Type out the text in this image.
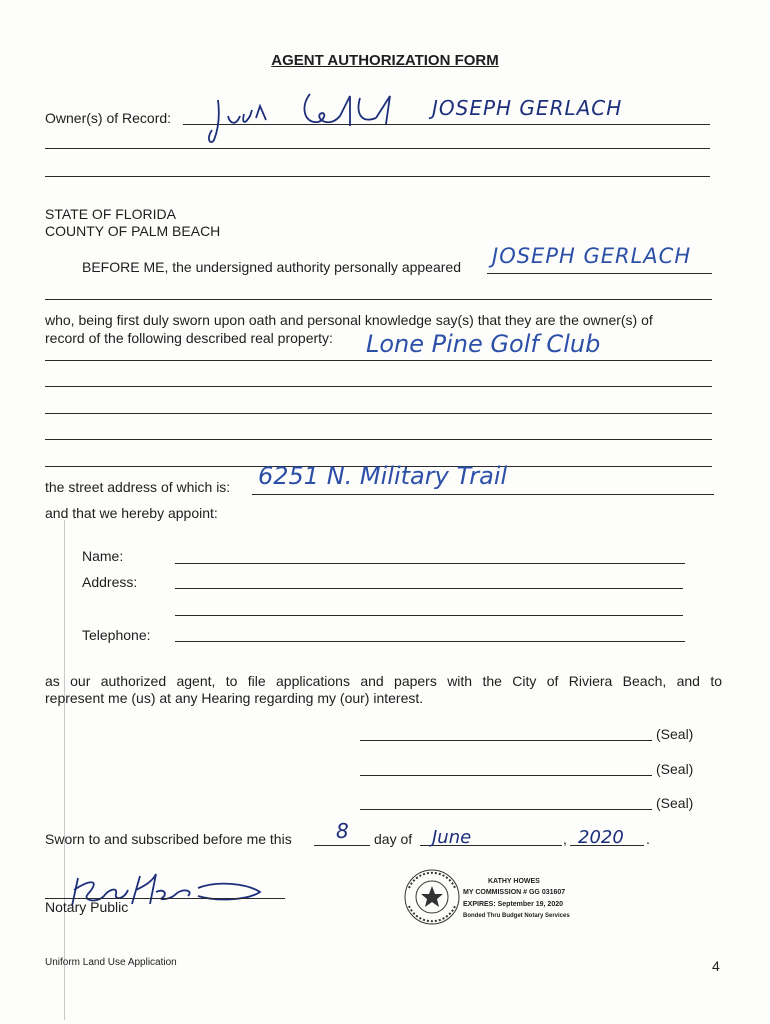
AGENT AUTHORIZATION FORM
Owner(s) of Record:	JOSEPH GERLACH
STATE OF FLORIDA
COUNTY OF PALM BEACH
BEFORE ME, the undersigned authority personally appeared JOSEPH GERLACH
who, being first duly sworn upon oath and personal knowledge say(s) that they are the owner(s) of
record of the following described real property: Lone Pine Golf Club
the street address of which is: 6251 N. Military Trail
and that we hereby appoint:
Name:
Address:
Telephone:
as our authorized agent, to file applications and papers with the City of Riviera Beach, and to
represent me (us) at any Hearing regarding my (our) interest.
(Seal)
(Seal)
(Seal)
Sworn to and subscribed before me this 8 day of June	, 2020 .
Notary Public
KATHY HOWES
MY COMMISSION # GG 031607
EXPIRES: September 19, 2020
Bonded Thru Budget Notary Services
Uniform Land Use Application	4
